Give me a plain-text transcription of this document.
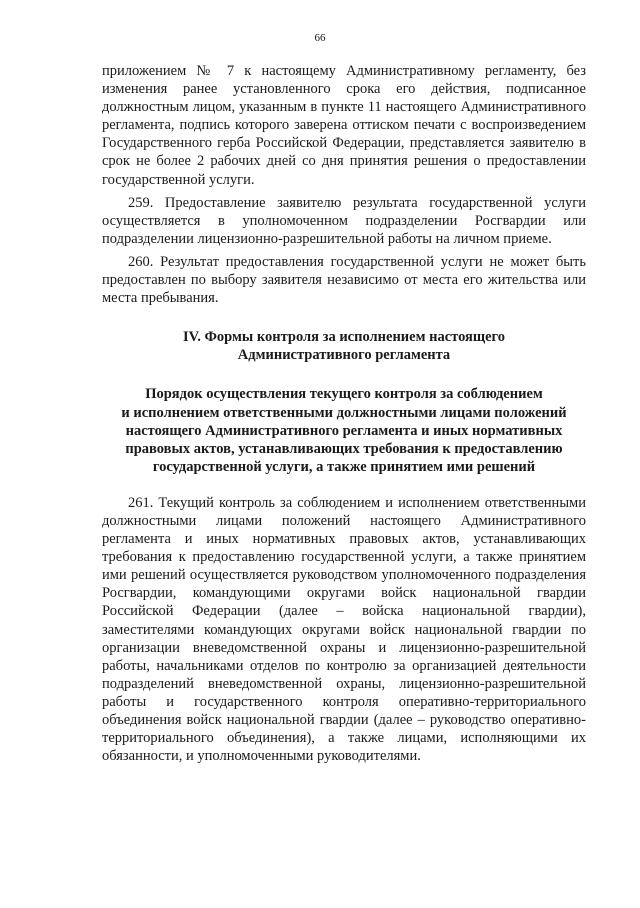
66

приложением № 7 к настоящему Административному регламенту, без изменения ранее установленного срока его действия, подписанное должностным лицом, указанным в пункте 11 настоящего Административного регламента, подпись которого заверена оттиском печати с воспроизведением Государственного герба Российской Федерации, представляется заявителю в срок не более 2 рабочих дней со дня принятия решения о предоставлении государственной услуги.

259. Предоставление заявителю результата государственной услуги осуществляется в уполномоченном подразделении Росгвардии или подразделении лицензионно-разрешительной работы на личном приеме.

260. Результат предоставления государственной услуги не может быть предоставлен по выбору заявителя независимо от места его жительства или места пребывания.

IV. Формы контроля за исполнением настоящего
Административного регламента

Порядок осуществления текущего контроля за соблюдением
и исполнением ответственными должностными лицами положений
настоящего Административного регламента и иных нормативных
правовых актов, устанавливающих требования к предоставлению
государственной услуги, а также принятием ими решений

261. Текущий контроль за соблюдением и исполнением ответственными должностными лицами положений настоящего Административного регламента и иных нормативных правовых актов, устанавливающих требования к предоставлению государственной услуги, а также принятием ими решений осуществляется руководством уполномоченного подразделения Росгвардии, командующими округами войск национальной гвардии Российской Федерации (далее – войска национальной гвардии), заместителями командующих округами войск национальной гвардии по организации вневедомственной охраны и лицензионно-разрешительной работы, начальниками отделов по контролю за организацией деятельности подразделений вневедомственной охраны, лицензионно-разрешительной работы и государственного контроля оперативно-территориального объединения войск национальной гвардии (далее – руководство оперативно-территориального объединения), а также лицами, исполняющими их обязанности, и уполномоченными руководителями.
